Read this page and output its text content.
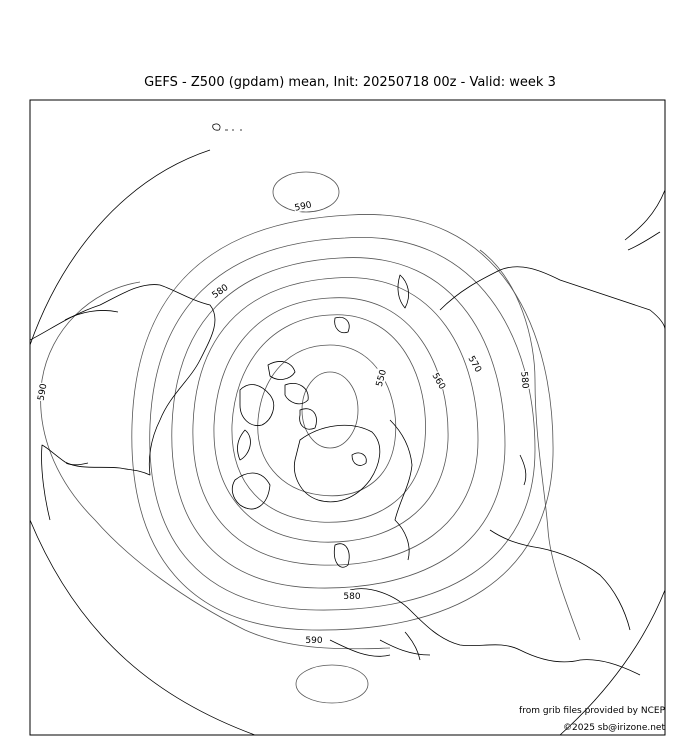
GEFS - Z500 (gpdam) mean, Init: 20250718 00z - Valid: week 3
590
580
550	560
570
580
590
580
590
from grib files provided by NCEP
©2025 sb@irizone.net
